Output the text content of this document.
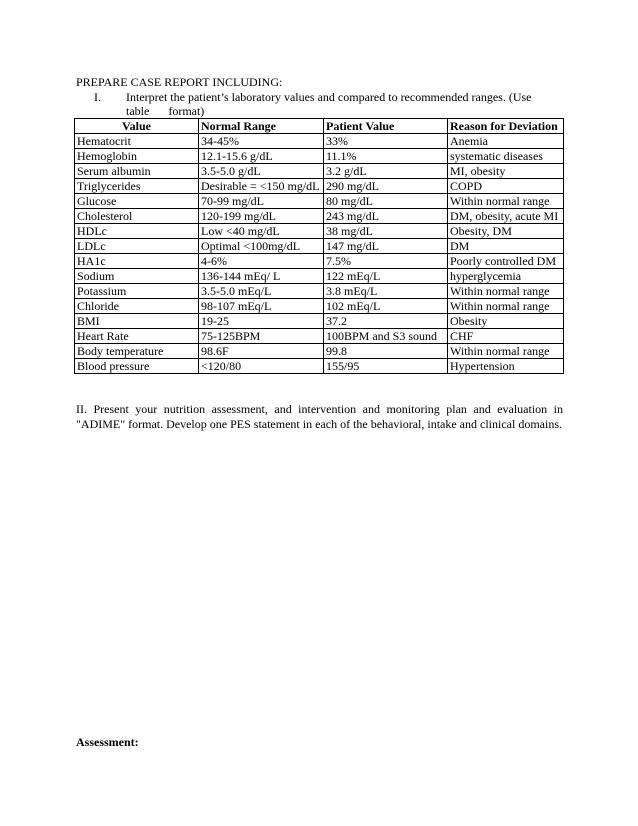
PREPARE CASE REPORT INCLUDING:
I. Interpret the patient’s laboratory values and compared to recommended ranges. (Use
table format)
Value	Normal Range	Patient Value	Reason for Deviation
Hematocrit	34-45%	33%	Anemia
Hemoglobin	12.1-15.6 g/dL	11.1%	systematic diseases
Serum albumin	3.5-5.0 g/dL	3.2 g/dL	MI, obesity
Triglycerides	Desirable = <150 mg/dL	290 mg/dL	COPD
Glucose	70-99 mg/dL	80 mg/dL	Within normal range
Cholesterol	120-199 mg/dL	243 mg/dL	DM, obesity, acute MI
HDLc	Low <40 mg/dL	38 mg/dL	Obesity, DM
LDLc	Optimal <100mg/dL	147 mg/dL	DM
HA1c	4-6%	7.5%	Poorly controlled DM
Sodium	136-144 mEq/ L	122 mEq/L	hyperglycemia
Potassium	3.5-5.0 mEq/L	3.8 mEq/L	Within normal range
Chloride	98-107 mEq/L	102 mEq/L	Within normal range
BMI	19-25	37.2	Obesity
Heart Rate	75-125BPM	100BPM and S3 sound	CHF
Body temperature	98.6F	99.8	Within normal range
Blood pressure	<120/80	155/95	Hypertension
II. Present your nutrition assessment, and intervention and monitoring plan and evaluation in "ADIME" format. Develop one PES statement in each of the behavioral, intake and clinical domains.
Assessment:
